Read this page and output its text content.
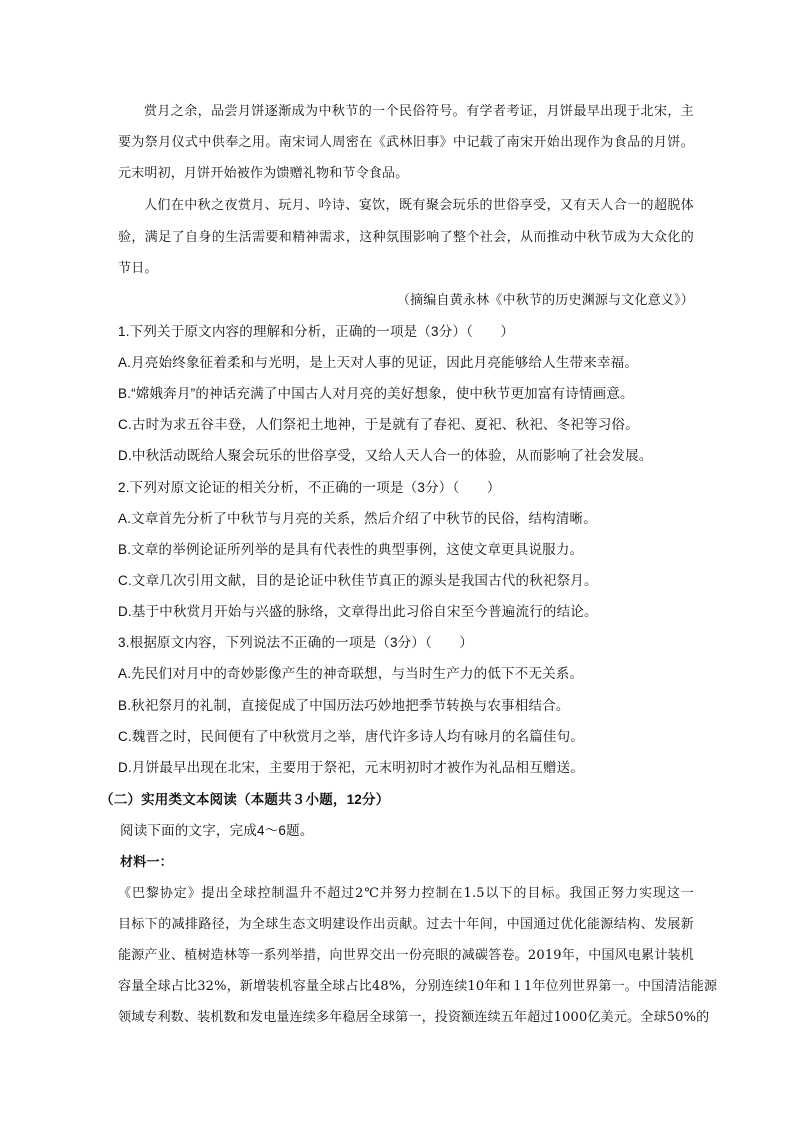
赏月之余，品尝月饼逐渐成为中秋节的一个民俗符号。有学者考证，月饼最早出现于北宋，主
要为祭月仪式中供奉之用。南宋词人周密在《武林旧事》中记载了南宋开始出现作为食品的月饼。
元末明初，月饼开始被作为馈赠礼物和节令食品。
人们在中秋之夜赏月、玩月、吟诗、宴饮，既有聚会玩乐的世俗享受，又有天人合一的超脱体
验，满足了自身的生活需要和精神需求，这种氛围影响了整个社会，从而推动中秋节成为大众化的
节日。
（摘编自黄永林《中秋节的历史渊源与文化意义》）
1.下列关于原文内容的理解和分析，正确的一项是（3分）（　　）
A.月亮始终象征着柔和与光明，是上天对人事的见证，因此月亮能够给人生带来幸福。
B.“嫦娥奔月”的神话充满了中国古人对月亮的美好想象，使中秋节更加富有诗情画意。
C.古时为求五谷丰登，人们祭祀土地神，于是就有了春祀、夏祀、秋祀、冬祀等习俗。
D.中秋活动既给人聚会玩乐的世俗享受，又给人天人合一的体验，从而影响了社会发展。
2.下列对原文论证的相关分析，不正确的一项是（3分）（　　）
A.文章首先分析了中秋节与月亮的关系，然后介绍了中秋节的民俗，结构清晰。
B.文章的举例论证所列举的是具有代表性的典型事例，这使文章更具说服力。
C.文章几次引用文献，目的是论证中秋佳节真正的源头是我国古代的秋祀祭月。
D.基于中秋赏月开始与兴盛的脉络，文章得出此习俗自宋至今普遍流行的结论。
3.根据原文内容，下列说法不正确的一项是（3分）（　　）
A.先民们对月中的奇妙影像产生的神奇联想，与当时生产力的低下不无关系。
B.秋祀祭月的礼制，直接促成了中国历法巧妙地把季节转换与农事相结合。
C.魏晋之时，民间便有了中秋赏月之举，唐代许多诗人均有咏月的名篇佳句。
D.月饼最早出现在北宋，主要用于祭祀，元末明初时才被作为礼品相互赠送。
（二）实用类文本阅读（本题共３小题，12分）
阅读下面的文字，完成4～6题。
材料一：
《巴黎协定》提出全球控制温升不超过2℃并努力控制在1.5以下的目标。我国正努力实现这一
目标下的减排路径，为全球生态文明建设作出贡献。过去十年间，中国通过优化能源结构、发展新
能源产业、植树造林等一系列举措，向世界交出一份亮眼的减碳答卷。2019年，中国风电累计装机
容量全球占比32%，新增装机容量全球占比48%，分别连续10年和１1年位列世界第一。中国清洁能源
领域专利数、装机数和发电量连续多年稳居全球第一，投资额连续五年超过1000亿美元。全球50%的
